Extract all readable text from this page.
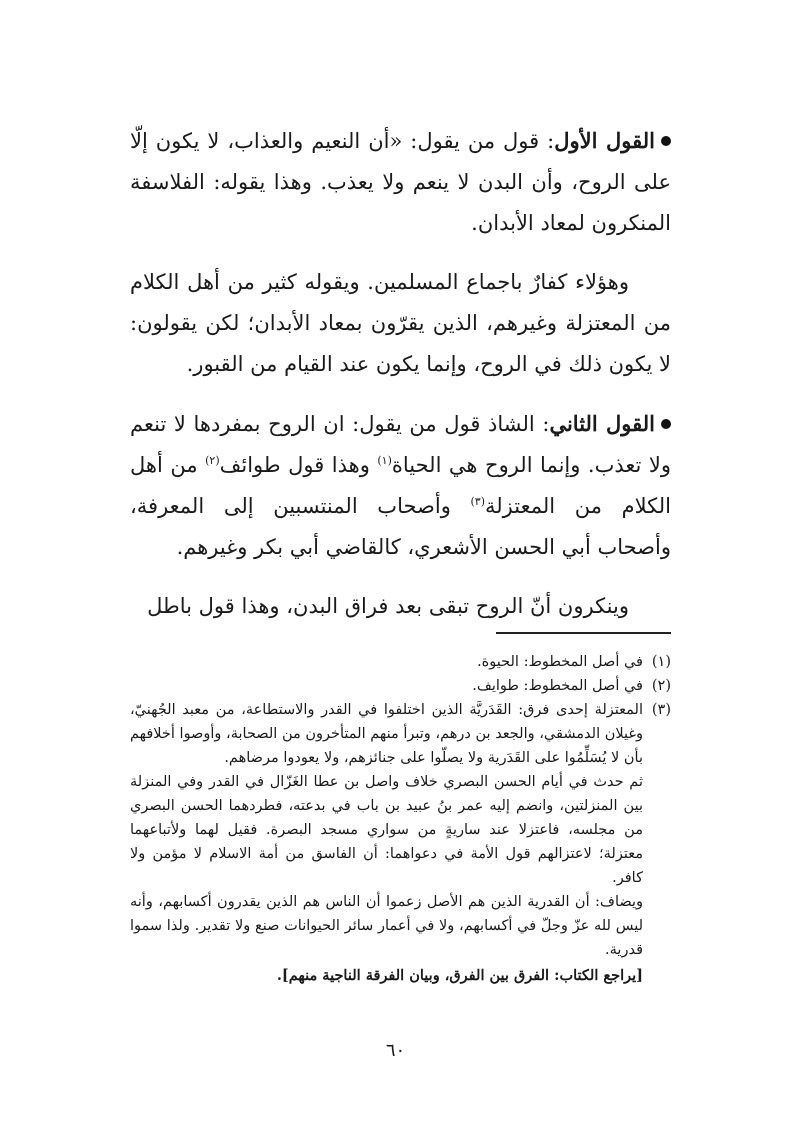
القول الأول: قول من يقول: «أن النعيم والعذاب، لا يكون إلّا على الروح، وأن البدن لا ينعم ولا يعذب. وهذا يقوله: الفلاسفة المنكرون لمعاد الأبدان.

وهؤلاء كفارٌ باجماع المسلمين. ويقوله كثير من أهل الكلام من المعتزلة وغيرهم، الذين يقرّون بمعاد الأبدان؛ لكن يقولون: لا يكون ذلك في الروح، وإنما يكون عند القيام من القبور.

القول الثاني: الشاذ قول من يقول: ان الروح بمفردها لا تنعم ولا تعذب. وإنما الروح هي الحياة$^{(١)}$ وهذا قول طوائف$^{(٢)}$ من أهل الكلام من المعتزلة$^{(٣)}$ وأصحاب المنتسبين إلى المعرفة، وأصحاب أبي الحسن الأشعري، كالقاضي أبي بكر وغيرهم.

وينكرون أنّ الروح تبقى بعد فراق البدن، وهذا قول باطل

(١)
في أصل المخطوط: الحيوة.
(٢)
في أصل المخطوط: طوايف.
(٣)

المعتزلة إحدى فرق: القَدَريَّة الذين اختلفوا في القدر والاستطاعة، من معبد الجُهنيّ، وغيلان الدمشقي، والجعد بن درهم، وتبرأ منهم المتأخرون من الصحابة، وأوصوا أخلافهم بأن لا يُسَلِّمُوا على القَدَرية ولا يصلّوا على جنائزهم، ولا يعودوا مرضاهم.

ثم حدث في أيام الحسن البصري خلاف واصل بن عطا الغَزّال في القدر وفي المنزلة بين المنزلتين، وانضم إليه عمر بنُ عبيد بن باب في بدعته، فطردهما الحسن البصري من مجلسه، فاعتزلا عند ساريةٍ من سواري مسجد البصرة. فقيل لهما ولأتباعهما معتزلة؛ لاعتزالهم قول الأمة في دعواهما: أن الفاسق من أمة الاسلام لا مؤمن ولا كافر.

ويضاف: أن القدرية الذين هم الأصل زعموا أن الناس هم الذين يقدرون أكسابهم، وأنه ليس لله عزّ وجلّ في أكسابهم، ولا في أعمار سائر الحيوانات صنع ولا تقدير. ولذا سموا قدرية.

[يراجع الكتاب: الفرق بين الفرق، وبيان الفرقة الناجية منهم].

٦٠
